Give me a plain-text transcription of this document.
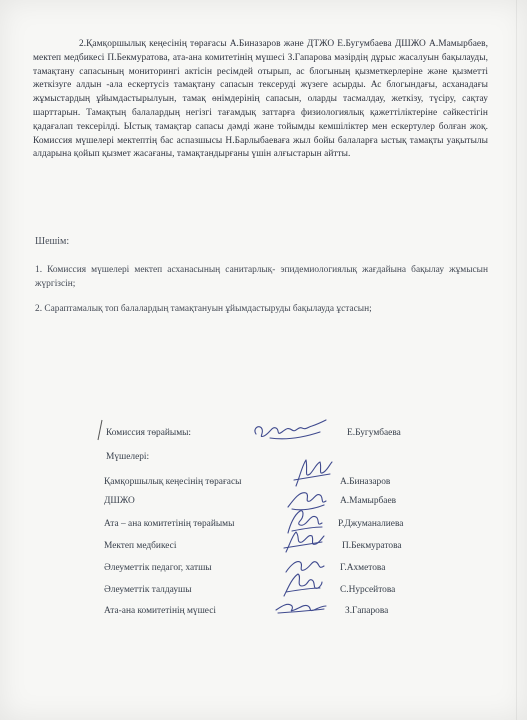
2.Қамқоршылық кеңесінің төрағасы А.Биназаров және ДТЖО Е.Бугумбаева ДШЖО А.Мамырбаев, мектеп медбикесі П.Бекмуратова, ата-ана комитетінің мүшесі З.Гапарова мәзірдің дұрыс жасалуын бақылауды, тамақтану сапасының мониторингі актісін ресімдей отырып, ас блогының қызметкерлеріне және қызметті жеткізуге алдын -ала ескертусіз тамақтану сапасын тексеруді жүзеге асырды. Ас блогындағы, асханадағы жұмыстардың ұйымдастырылуын, тамақ өнімдерінің сапасын, оларды тасмалдау, жеткізу, түсіру, сақтау шарттарын. Тамақтың балалардың негізгі тағамдық заттарға физиологиялық қажеттіліктеріне сәйкестігін қадағалап тексерілді. Ыстық тамақтар сапасы дәмді және тойымды кемшіліктер мен ескертулер болған жоқ. Комиссия мүшелері мектептің бас аспазшысы Н.Барлыбаеваға жыл бойы балаларға ыстық тамақты уақытылы алдарына қойып қызмет жасағаны, тамақтандырғаны үшін алғыстарын айтты.

Шешім:
1. Комиссия мүшелері мектеп асханасының санитарлық- эпидемиологиялық жағдайына бақылау жұмысын жүргізсін;
2. Сараптамалық топ балалардың тамақтануын ұйымдастыруды бақылауда ұстасын;
Комиссия төрайымы:	Е.Бугумбаева
Мүшелері:
Қамқоршылық кеңесінің төрағасы	А.Биназаров
ДШЖО	А.Мамырбаев
Ата – ана комитетінің төрайымы	Р.Джуманалиева
Мектеп медбикесі	П.Бекмуратова
Әлеуметтік педагог, хатшы	Г.Ахметова
Әлеуметтік талдаушы	С.Нурсейтова
Ата-ана комитетінің мүшесі	З.Гапарова
